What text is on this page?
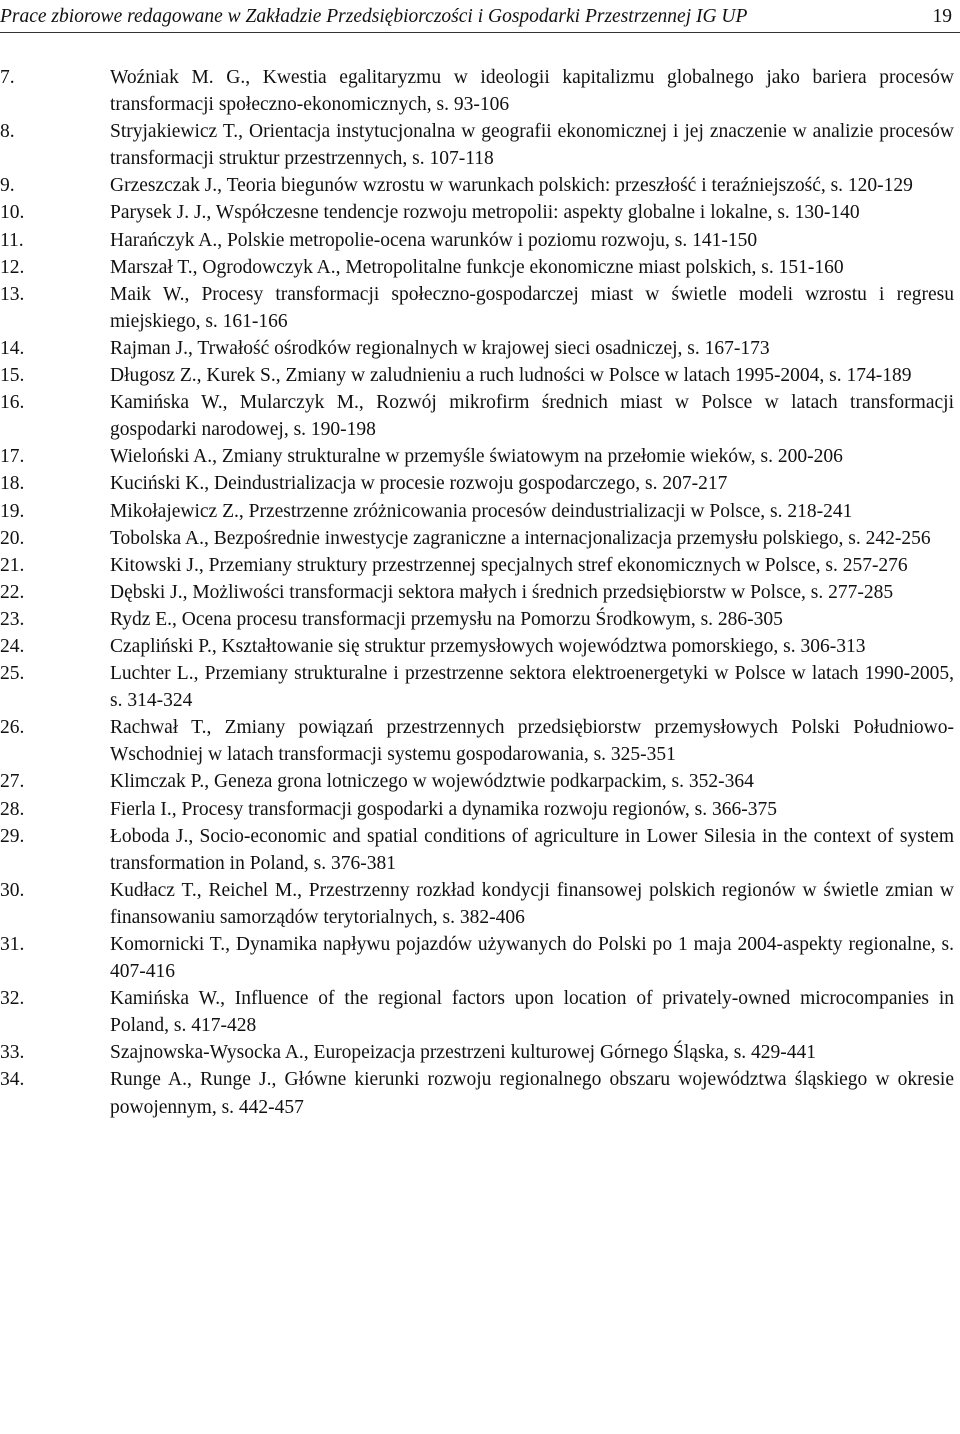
Prace zbiorowe redagowane w Zakładzie Przedsiębiorczości i Gospodarki Przestrzennej IG UP	19
7.	Woźniak M. G., Kwestia egalitaryzmu w ideologii kapitalizmu globalnego jako bariera procesów transformacji społeczno-ekonomicznych, s. 93-106
8.	Stryjakiewicz T., Orientacja instytucjonalna w geografii ekonomicznej i jej znaczenie w analizie procesów transformacji struktur przestrzennych, s. 107-118
9.	Grzeszczak J., Teoria biegunów wzrostu w warunkach polskich: przeszłość i teraźniejszość, s. 120-129
10.	Parysek J. J., Współczesne tendencje rozwoju metropolii: aspekty globalne i lokalne, s. 130-140
11.	Harańczyk A., Polskie metropolie-ocena warunków i poziomu rozwoju, s. 141-150
12.	Marszał T., Ogrodowczyk A., Metropolitalne funkcje ekonomiczne miast polskich, s. 151-160
13.	Maik W., Procesy transformacji społeczno-gospodarczej miast w świetle modeli wzrostu i regresu miejskiego, s. 161-166
14.	Rajman J., Trwałość ośrodków regionalnych w krajowej sieci osadniczej, s. 167-173
15.	Długosz Z., Kurek S., Zmiany w zaludnieniu a ruch ludności w Polsce w latach 1995-2004, s. 174-189
16.	Kamińska W., Mularczyk M., Rozwój mikrofirm średnich miast w Polsce w latach transformacji gospodarki narodowej, s. 190-198
17.	Wieloński A., Zmiany strukturalne w przemyśle światowym na przełomie wieków, s. 200-206
18.	Kuciński K., Deindustrializacja w procesie rozwoju gospodarczego, s. 207-217
19.	Mikołajewicz Z., Przestrzenne zróżnicowania procesów deindustrializacji w Polsce, s. 218-241
20.	Tobolska A., Bezpośrednie inwestycje zagraniczne a internacjonalizacja przemysłu polskiego, s. 242-256
21.	Kitowski J., Przemiany struktury przestrzennej specjalnych stref ekonomicznych w Polsce, s. 257-276
22.	Dębski J., Możliwości transformacji sektora małych i średnich przedsiębiorstw w Polsce, s. 277-285
23.	Rydz E., Ocena procesu transformacji przemysłu na Pomorzu Środkowym, s. 286-305
24.	Czapliński P., Kształtowanie się struktur przemysłowych województwa pomorskiego, s. 306-313
25.	Luchter L., Przemiany strukturalne i przestrzenne sektora elektroenergetyki w Polsce w latach 1990-2005, s. 314-324
26.	Rachwał T., Zmiany powiązań przestrzennych przedsiębiorstw przemysłowych Polski Południowo-Wschodniej w latach transformacji systemu gospodarowania, s. 325-351
27.	Klimczak P., Geneza grona lotniczego w województwie podkarpackim, s. 352-364
28.	Fierla I., Procesy transformacji gospodarki a dynamika rozwoju regionów, s. 366-375
29.	Łoboda J., Socio-economic and spatial conditions of agriculture in Lower Silesia in the context of system transformation in Poland, s. 376-381
30.	Kudłacz T., Reichel M., Przestrzenny rozkład kondycji finansowej polskich regionów w świetle zmian w finansowaniu samorządów terytorialnych, s. 382-406
31.	Komornicki T., Dynamika napływu pojazdów używanych do Polski po 1 maja 2004-aspekty regionalne, s. 407-416
32.	Kamińska W., Influence of the regional factors upon location of privately-owned microcompanies in Poland, s. 417-428
33.	Szajnowska-Wysocka A., Europeizacja przestrzeni kulturowej Górnego Śląska, s. 429-441
34.	Runge A., Runge J., Główne kierunki rozwoju regionalnego obszaru województwa śląskiego w okresie powojennym, s. 442-457
